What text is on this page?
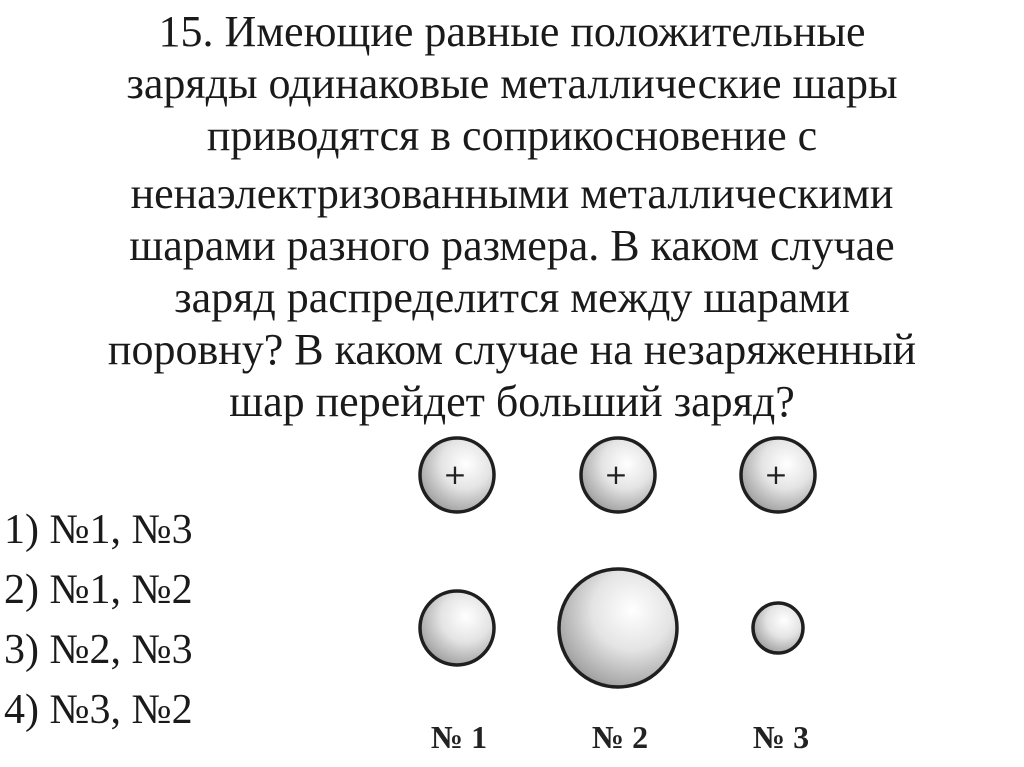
15. Имеющие равные положительные
заряды одинаковые металлические шары
приводятся в соприкосновение с
ненаэлектризованными металлическими
шарами разного размера. В каком случае
заряд распределится между шарами
поровну? В каком случае на незаряженный
шар перейдет больший заряд?
1) №1, №3
2) №1, №2
3) №2, №3
4) №3, №2
+	+	+
№ 1	№ 2	№ 3
